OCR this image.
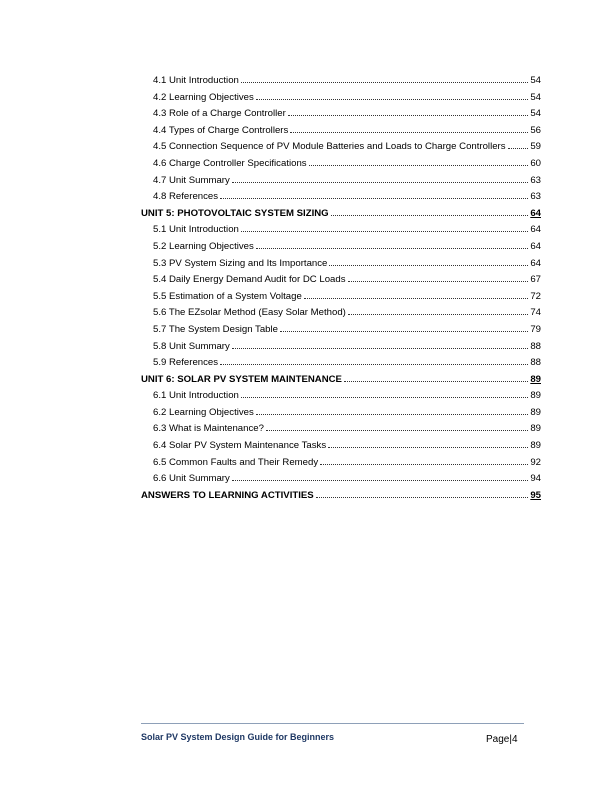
4.1 Unit Introduction	54
4.2 Learning Objectives	54
4.3 Role of a Charge Controller	54
4.4 Types of Charge Controllers	56
4.5 Connection Sequence of PV Module Batteries and Loads to Charge Controllers	59
4.6 Charge Controller Specifications	60
4.7 Unit Summary	63
4.8 References	63
UNIT 5: PHOTOVOLTAIC SYSTEM SIZING	64
5.1 Unit Introduction	64
5.2 Learning Objectives	64
5.3 PV System Sizing and Its Importance	64
5.4 Daily Energy Demand Audit for DC Loads	67
5.5 Estimation of a System Voltage	72
5.6 The EZsolar Method (Easy Solar Method)	74
5.7 The System Design Table	79
5.8 Unit Summary	88
5.9 References	88
UNIT 6: SOLAR PV SYSTEM MAINTENANCE	89
6.1 Unit Introduction	89
6.2 Learning Objectives	89
6.3 What is Maintenance?	89
6.4 Solar PV System Maintenance Tasks	89
6.5 Common Faults and Their Remedy	92
6.6 Unit Summary	94
ANSWERS TO LEARNING ACTIVITIES	95
Solar PV System Design Guide for Beginners	Page|4
